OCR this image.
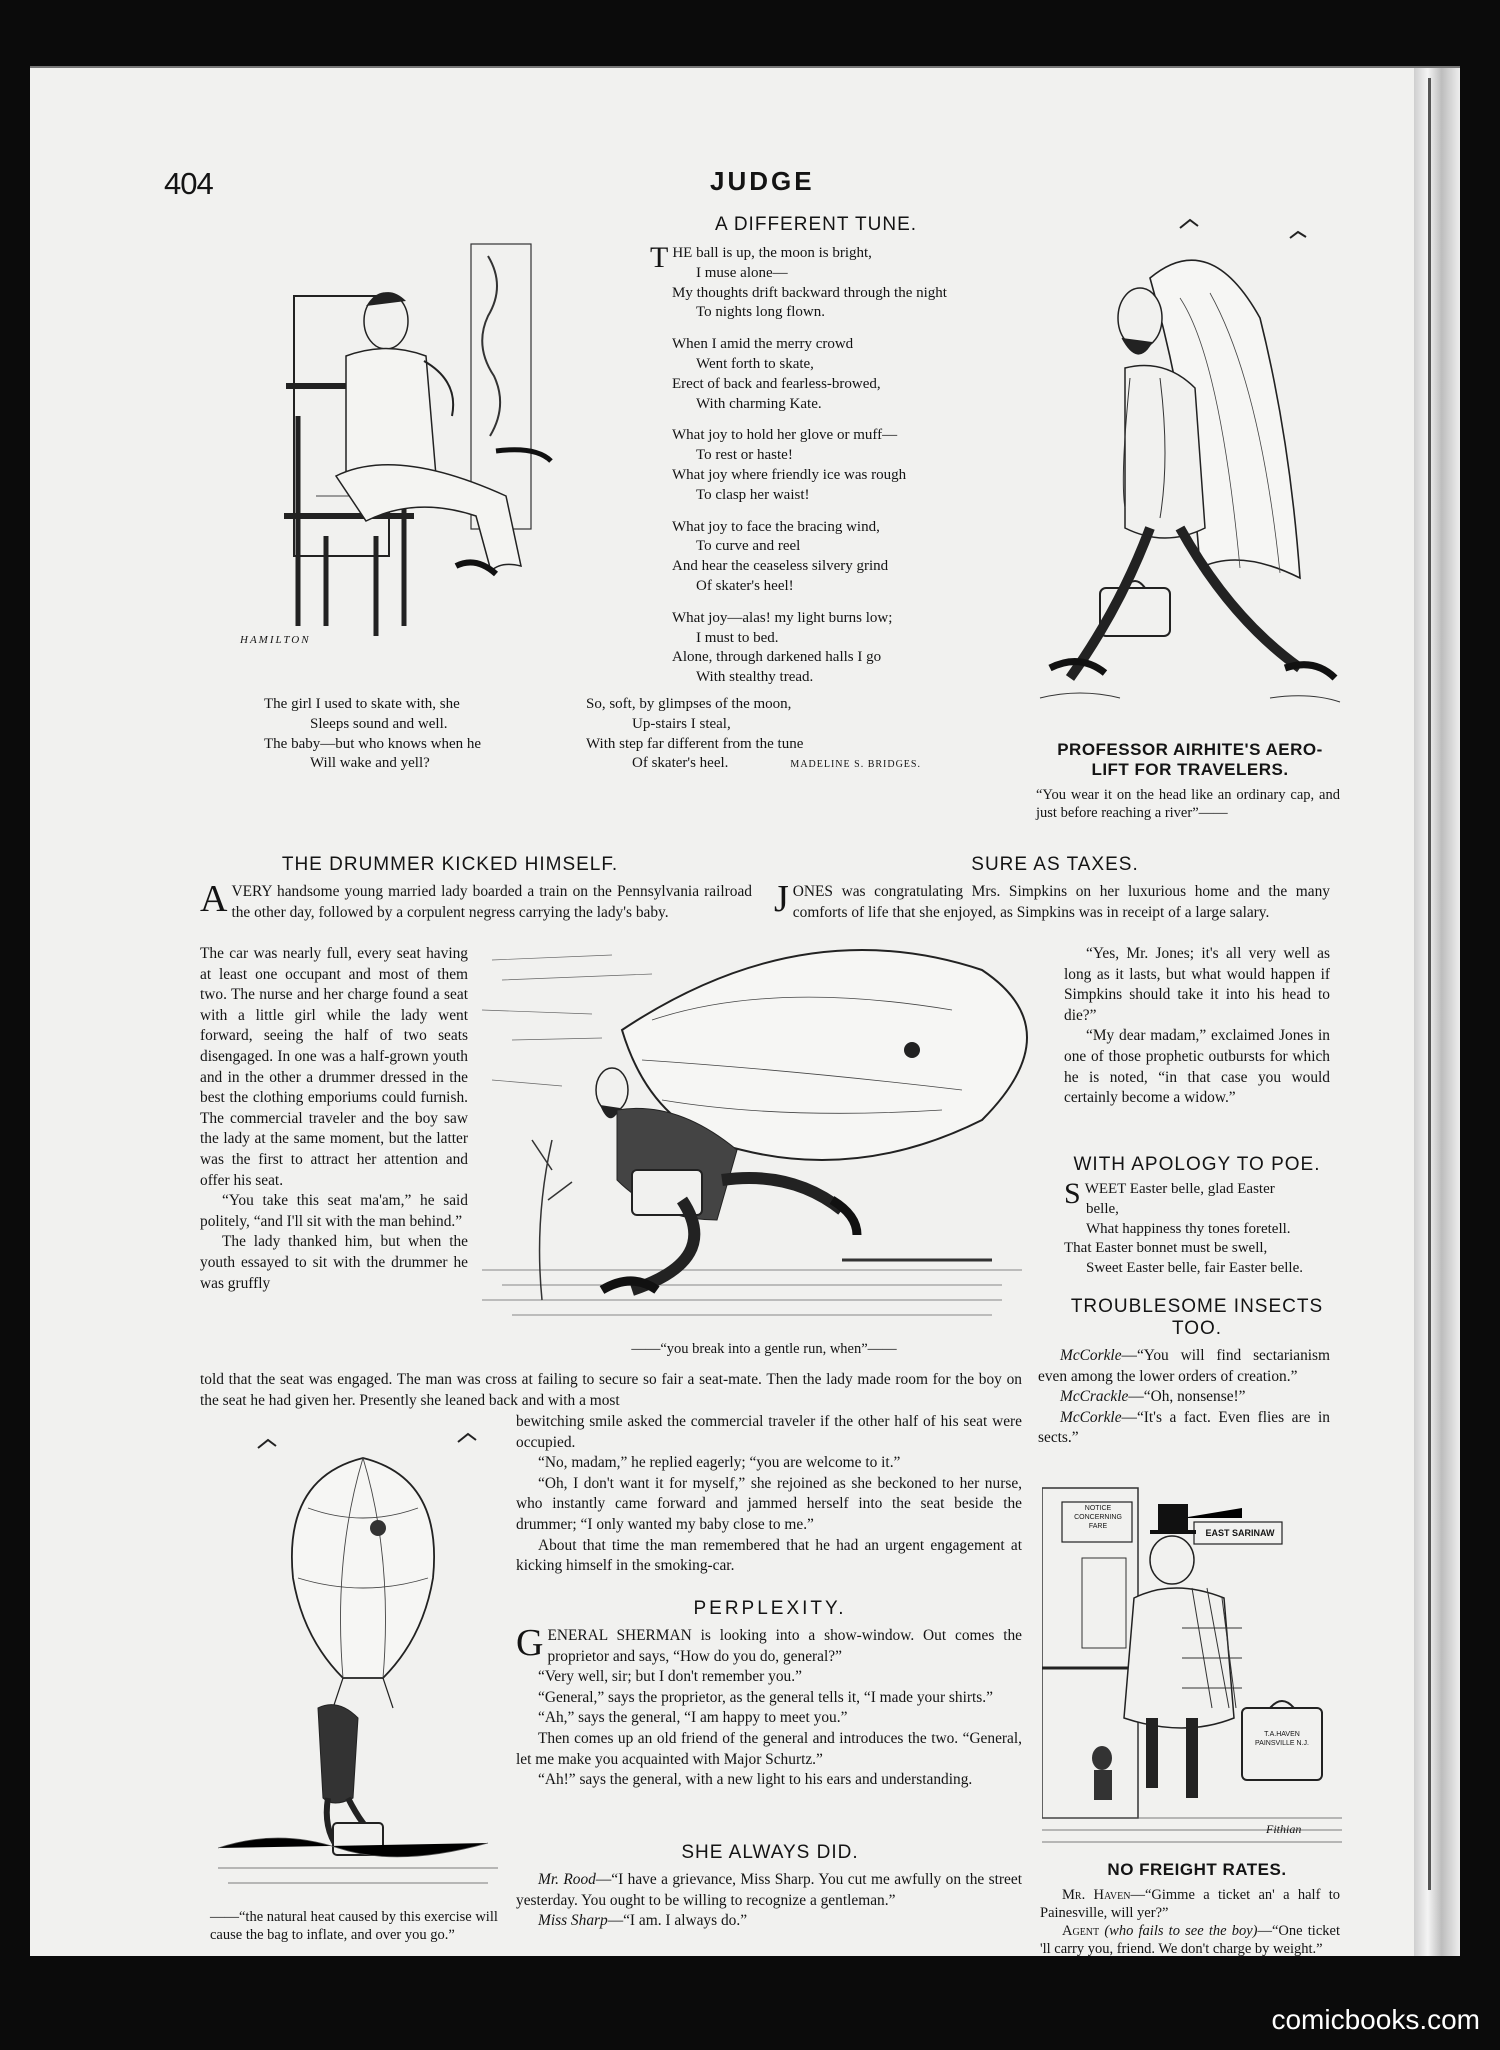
404	JUDGE
HAMILTON
A DIFFERENT TUNE.
THE ball is up, the moon is bright,
I muse alone—
My thoughts drift backward through the night
To nights long flown.
When I amid the merry crowd
Went forth to skate,
Erect of back and fearless-browed,
With charming Kate.
What joy to hold her glove or muff—
To rest or haste!
What joy where friendly ice was rough
To clasp her waist!
What joy to face the bracing wind,
To curve and reel
And hear the ceaseless silvery grind
Of skater's heel!
What joy—alas! my light burns low;
I must to bed.
Alone, through darkened halls I go
With stealthy tread.
The girl I used to skate with, she
Sleeps sound and well.
The baby—but who knows when he
Will wake and yell?
So, soft, by glimpses of the moon,
Up-stairs I steal,
With step far different from the tune
Of skater's heel.	MADELINE S. BRIDGES.
PROFESSOR AIRHITE'S AERO-
LIFT FOR TRAVELERS.
“You wear it on the head like an ordinary cap, and just before reaching a river”——
THE DRUMMER KICKED HIMSELF.

AVERY handsome young married lady boarded a train on the Pennsylvania railroad the other day, followed by a corpulent negress carrying the lady's baby.

The car was nearly full, every seat having at least one occupant and most of them two. The nurse and her charge found a seat with a little girl while the lady went forward, seeing the half of two seats disengaged. In one was a half-grown youth and in the other a drummer dressed in the best the clothing emporiums could furnish. The commercial traveler and the boy saw the lady at the same moment, but the latter was the first to attract her attention and offer his seat.

“You take this seat ma'am,” he said politely, “and I'll sit with the man behind.”

The lady thanked him, but when the youth essayed to sit with the drummer he was gruffly

told that the seat was engaged. The man was cross at failing to secure so fair a seat-mate. Then the lady made room for the boy on the seat he had given her. Presently she leaned back and with a most

bewitching smile asked the commercial traveler if the other half of his seat were occupied.

“No, madam,” he replied eagerly; “you are welcome to it.”

“Oh, I don't want it for myself,” she rejoined as she beckoned to her nurse, who instantly came forward and jammed herself into the seat beside the drummer; “I only wanted my baby close to me.”

About that time the man remembered that he had an urgent engagement at kicking himself in the smoking-car.

——“you break into a gentle run, when”——
SURE AS TAXES.

JONES was congratulating Mrs. Simpkins on her luxurious home and the many comforts of life that she enjoyed, as Simpkins was in receipt of a large salary.

“Yes, Mr. Jones; it's all very well as long as it lasts, but what would happen if Simpkins should take it into his head to die?”

“My dear madam,” exclaimed Jones in one of those prophetic outbursts for which he is noted, “in that case you would certainly become a widow.”

WITH APOLOGY TO POE.
SWEET Easter belle, glad Easter
belle,
What happiness thy tones foretell.
That Easter bonnet must be swell,
Sweet Easter belle, fair Easter belle.
TROUBLESOME INSECTS
TOO.

McCorkle—“You will find sectarianism even among the lower orders of creation.”

McCrackle—“Oh, nonsense!”

McCorkle—“It's a fact. Even flies are in sects.”

——“the natural heat caused by this exercise will cause the bag to inflate, and over you go.”
PERPLEXITY.

GENERAL SHERMAN is looking into a show-window. Out comes the proprietor and says, “How do you do, general?”

“Very well, sir; but I don't remember you.”

“General,” says the proprietor, as the general tells it, “I made your shirts.”

“Ah,” says the general, “I am happy to meet you.”

Then comes up an old friend of the general and introduces the two. “General, let me make you acquainted with Major Schurtz.”

“Ah!” says the general, with a new light to his ears and understanding.

SHE ALWAYS DID.

Mr. Rood—“I have a grievance, Miss Sharp. You cut me awfully on the street yesterday. You ought to be willing to recognize a gentleman.”

Miss Sharp—“I am. I always do.”

NOTICE CONCERNING FARE
EAST SARINAW
T.A.HAVEN PAINSVILLE N.J.
Fithian
NO FREIGHT RATES.

Mr. Haven—“Gimme a ticket an' a half to Painesville, will yer?”

Agent (who fails to see the boy)—“One ticket 'll carry you, friend. We don't charge by weight.”

comicbooks.com
